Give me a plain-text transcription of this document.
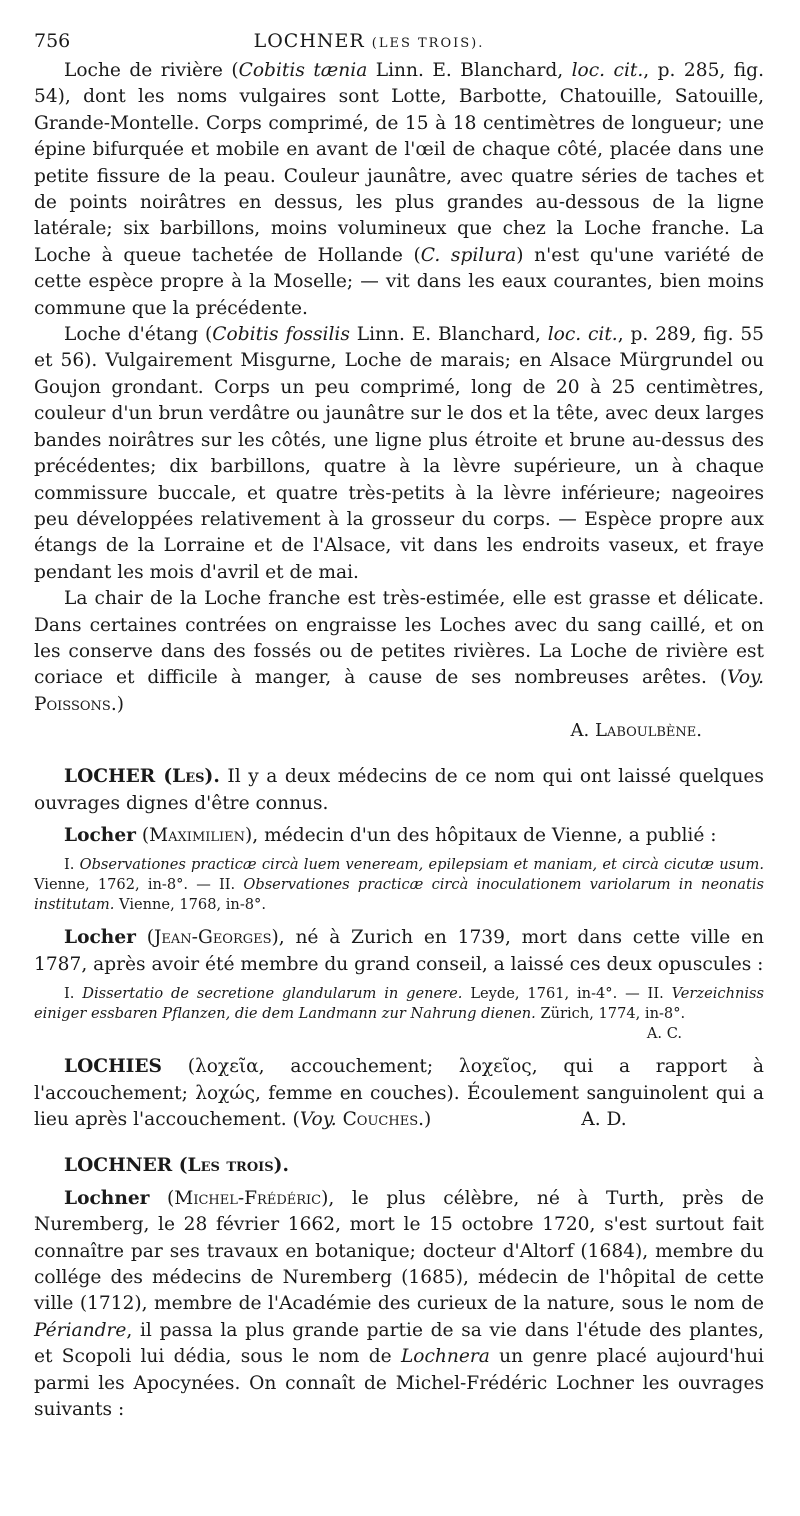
756	LOCHNER (LES TROIS).

Loche de rivière (Cobitis tænia Linn. E. Blanchard, loc. cit., p. 285, fig. 54), dont les noms vulgaires sont Lotte, Barbotte, Chatouille, Satouille, Grande-Montelle. Corps comprimé, de 15 à 18 centimètres de longueur; une épine bifurquée et mobile en avant de l'œil de chaque côté, placée dans une petite fissure de la peau. Couleur jaunâtre, avec quatre séries de taches et de points noirâtres en dessus, les plus grandes au-dessous de la ligne latérale; six barbillons, moins volumineux que chez la Loche franche. La Loche à queue tachetée de Hollande (C. spilura) n'est qu'une variété de cette espèce propre à la Moselle; — vit dans les eaux courantes, bien moins commune que la précédente.

Loche d'étang (Cobitis fossilis Linn. E. Blanchard, loc. cit., p. 289, fig. 55 et 56). Vulgairement Misgurne, Loche de marais; en Alsace Mürgrundel ou Goujon grondant. Corps un peu comprimé, long de 20 à 25 centimètres, couleur d'un brun verdâtre ou jaunâtre sur le dos et la tête, avec deux larges bandes noirâtres sur les côtés, une ligne plus étroite et brune au-dessus des précédentes; dix barbillons, quatre à la lèvre supérieure, un à chaque commissure buccale, et quatre très-petits à la lèvre inférieure; nageoires peu développées relativement à la grosseur du corps. — Espèce propre aux étangs de la Lorraine et de l'Alsace, vit dans les endroits vaseux, et fraye pendant les mois d'avril et de mai.

La chair de la Loche franche est très-estimée, elle est grasse et délicate. Dans certaines contrées on engraisse les Loches avec du sang caillé, et on les conserve dans des fossés ou de petites rivières. La Loche de rivière est coriace et difficile à manger, à cause de ses nombreuses arêtes. (Voy. Poissons.)

A. Laboulbène.

LOCHER (Les). Il y a deux médecins de ce nom qui ont laissé quelques ouvrages dignes d'être connus.

Locher (Maximilien), médecin d'un des hôpitaux de Vienne, a publié :

I. Observationes practicæ circà luem veneream, epilepsiam et maniam, et circà cicutæ usum. Vienne, 1762, in-8°. — II. Observationes practicæ circà inoculationem variolarum in neonatis institutam. Vienne, 1768, in-8°.

Locher (Jean-Georges), né à Zurich en 1739, mort dans cette ville en 1787, après avoir été membre du grand conseil, a laissé ces deux opuscules :

I. Dissertatio de secretione glandularum in genere. Leyde, 1761, in-4°. — II. Verzeichniss einiger essbaren Pflanzen, die dem Landmann zur Nahrung dienen. Zürich, 1774, in-8°.

A. C.

LOCHIES (λοχεῖα, accouchement; λοχεῖος, qui a rapport à l'accouchement; λοχώς, femme en couches). Écoulement sanguinolent qui a lieu après l'accouchement. (Voy. Couches.)	A. D.

LOCHNER (Les trois).

Lochner (Michel-Frédéric), le plus célèbre, né à Turth, près de Nuremberg, le 28 février 1662, mort le 15 octobre 1720, s'est surtout fait connaître par ses travaux en botanique; docteur d'Altorf (1684), membre du collége des médecins de Nuremberg (1685), médecin de l'hôpital de cette ville (1712), membre de l'Académie des curieux de la nature, sous le nom de Périandre, il passa la plus grande partie de sa vie dans l'étude des plantes, et Scopoli lui dédia, sous le nom de Lochnera un genre placé aujourd'hui parmi les Apocynées. On connaît de Michel-Frédéric Lochner les ouvrages suivants :
